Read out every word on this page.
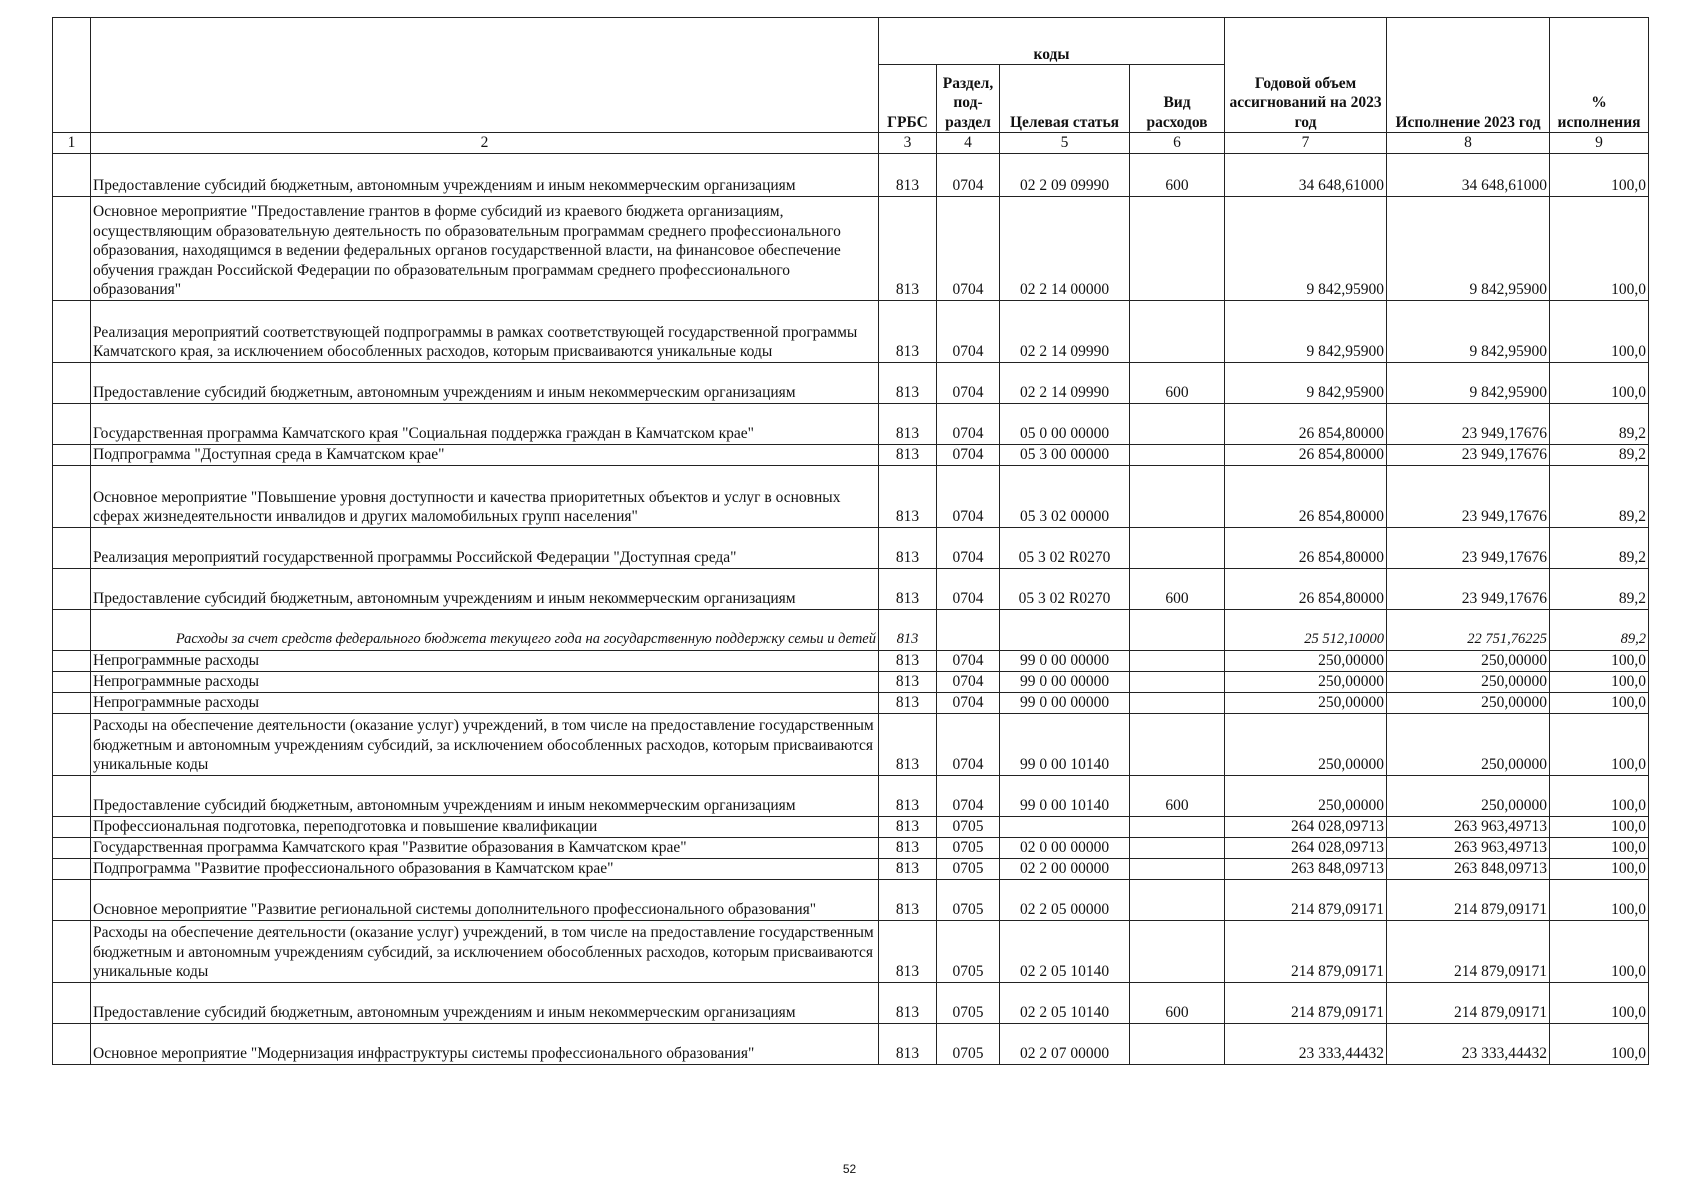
		коды				Годовой объем ассигнований на 2023 год	Исполнение 2023 год	% исполнения
		ГРБС	Раздел, под-раздел	Целевая статья	Вид расходов			
1	2	3	4	5	6	7	8	9
	Предоставление субсидий бюджетным, автономным учреждениям и иным некоммерческим организациям	813	0704	02 2 09 09990	600	34 648,61000	34 648,61000	100,0
	Основное мероприятие "Предоставление грантов в форме субсидий из краевого бюджета организациям, осуществляющим образовательную деятельность по образовательным программам среднего профессионального образования, находящимся в ведении федеральных органов государственной власти, на финансовое обеспечение обучения граждан Российской Федерации по образовательным программам среднего профессионального образования"	813	0704	02 2 14 00000		9 842,95900	9 842,95900	100,0
	Реализация мероприятий соответствующей подпрограммы в рамках соответствующей государственной программы Камчатского края, за исключением обособленных расходов, которым присваиваются уникальные коды	813	0704	02 2 14 09990		9 842,95900	9 842,95900	100,0
	Предоставление субсидий бюджетным, автономным учреждениям и иным некоммерческим организациям	813	0704	02 2 14 09990	600	9 842,95900	9 842,95900	100,0
	Государственная программа Камчатского края "Социальная поддержка граждан в Камчатском крае"	813	0704	05 0 00 00000		26 854,80000	23 949,17676	89,2
	Подпрограмма "Доступная среда в Камчатском крае"	813	0704	05 3 00 00000		26 854,80000	23 949,17676	89,2
	Основное мероприятие "Повышение уровня доступности и качества приоритетных объектов и услуг в основных сферах жизнедеятельности инвалидов и других маломобильных групп населения"	813	0704	05 3 02 00000		26 854,80000	23 949,17676	89,2
	Реализация мероприятий государственной программы Российской Федерации "Доступная среда"	813	0704	05 3 02 R0270		26 854,80000	23 949,17676	89,2
	Предоставление субсидий бюджетным, автономным учреждениям и иным некоммерческим организациям	813	0704	05 3 02 R0270	600	26 854,80000	23 949,17676	89,2
	Расходы за счет средств федерального бюджета текущего года на государственную поддержку семьи и детей	813				25 512,10000	22 751,76225	89,2
	Непрограммные расходы	813	0704	99 0 00 00000		250,00000	250,00000	100,0
	Непрограммные расходы	813	0704	99 0 00 00000		250,00000	250,00000	100,0
	Непрограммные расходы	813	0704	99 0 00 00000		250,00000	250,00000	100,0
	Расходы на обеспечение деятельности (оказание услуг) учреждений, в том числе на предоставление государственным бюджетным и автономным учреждениям субсидий, за исключением обособленных расходов, которым присваиваются уникальные коды	813	0704	99 0 00 10140		250,00000	250,00000	100,0
	Предоставление субсидий бюджетным, автономным учреждениям и иным некоммерческим организациям	813	0704	99 0 00 10140	600	250,00000	250,00000	100,0
	Профессиональная подготовка, переподготовка и повышение квалификации	813	0705			264 028,09713	263 963,49713	100,0
	Государственная программа Камчатского края "Развитие образования в Камчатском крае"	813	0705	02 0 00 00000		264 028,09713	263 963,49713	100,0
	Подпрограмма "Развитие профессионального образования в Камчатском крае"	813	0705	02 2 00 00000		263 848,09713	263 848,09713	100,0
	Основное мероприятие "Развитие региональной системы дополнительного профессионального образования"	813	0705	02 2 05 00000		214 879,09171	214 879,09171	100,0
	Расходы на обеспечение деятельности (оказание услуг) учреждений, в том числе на предоставление государственным бюджетным и автономным учреждениям субсидий, за исключением обособленных расходов, которым присваиваются уникальные коды	813	0705	02 2 05 10140		214 879,09171	214 879,09171	100,0
	Предоставление субсидий бюджетным, автономным учреждениям и иным некоммерческим организациям	813	0705	02 2 05 10140	600	214 879,09171	214 879,09171	100,0
	Основное мероприятие "Модернизация инфраструктуры системы профессионального образования"	813	0705	02 2 07 00000		23 333,44432	23 333,44432	100,0
52
